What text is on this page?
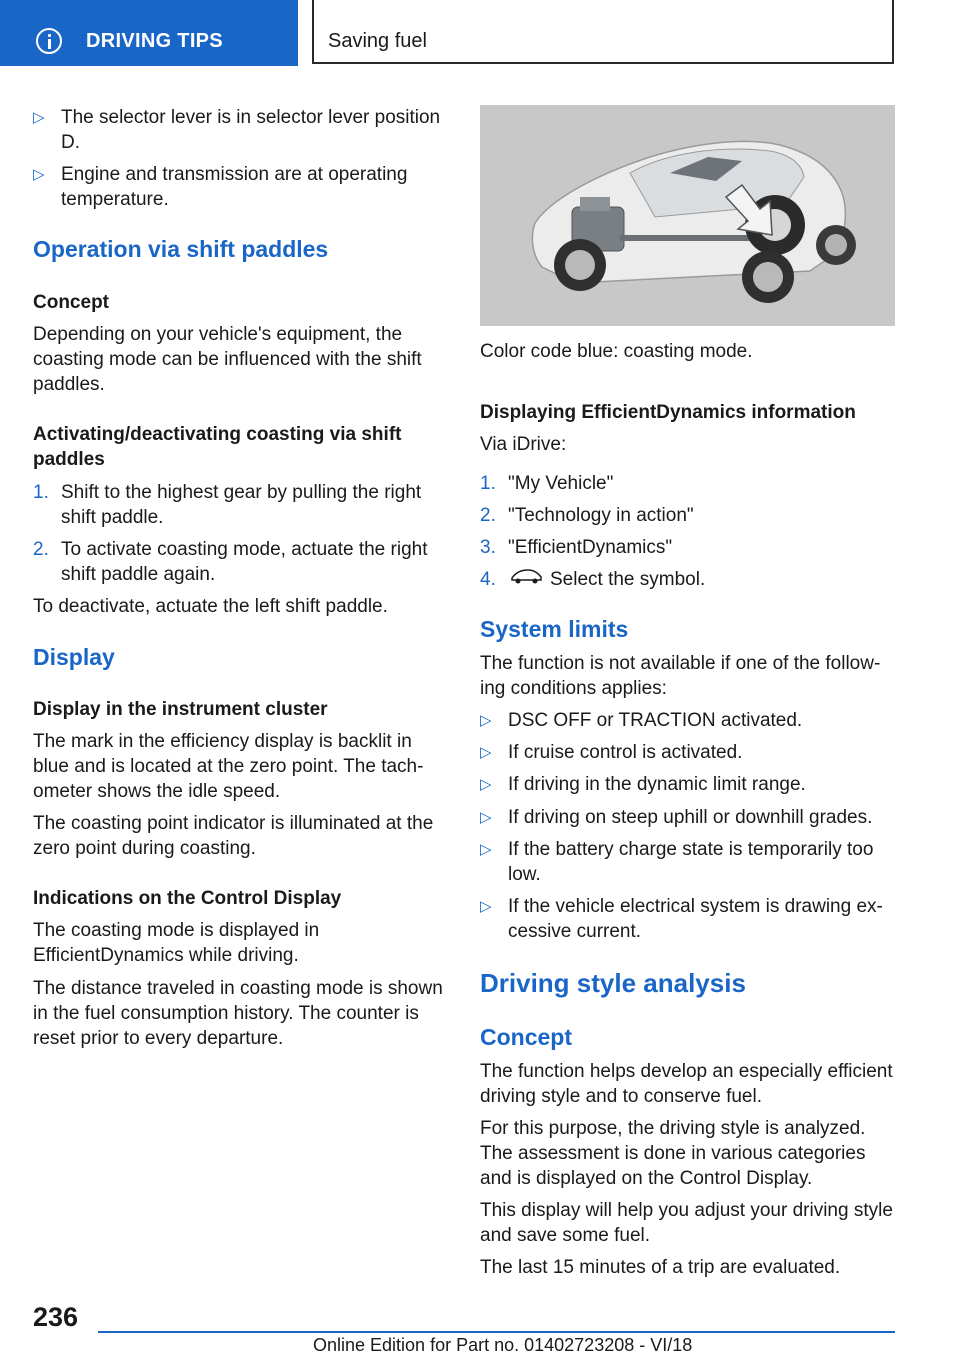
DRIVING TIPS	Saving fuel
▷ The selector lever is in selector lever position D.
▷ Engine and transmission are at operating temperature.
Operation via shift paddles

Concept

Depending on your vehicle's equipment, the coasting mode can be influenced with the shift paddles.

Activating/deactivating coasting via shift paddles

1. Shift to the highest gear by pulling the right shift paddle.
2. To activate coasting mode, actuate the right shift paddle again.

To deactivate, actuate the left shift paddle.

Display

Display in the instrument cluster

The mark in the efficiency display is backlit in blue and is located at the zero point. The tachometer shows the idle speed.

The coasting point indicator is illuminated at the zero point during coasting.

Indications on the Control Display

The coasting mode is displayed in EfficientDynamics while driving.

The distance traveled in coasting mode is shown in the fuel consumption history. The counter is reset prior to every departure.

Color code blue: coasting mode.

Displaying EfficientDynamics information

Via iDrive:

1. "My Vehicle"
2. "Technology in action"
3. "EfficientDynamics"
4.	Select the symbol.
System limits

The function is not available if one of the following conditions applies:

▷ DSC OFF or TRACTION activated.
▷ If cruise control is activated.
▷ If driving in the dynamic limit range.
▷ If driving on steep uphill or downhill grades.
▷ If the battery charge state is temporarily too low.
▷ If the vehicle electrical system is drawing excessive current.
Driving style analysis
Concept

The function helps develop an especially efficient driving style and to conserve fuel.

For this purpose, the driving style is analyzed. The assessment is done in various categories and is displayed on the Control Display.

This display will help you adjust your driving style and save some fuel.

The last 15 minutes of a trip are evaluated.

236
Online Edition for Part no. 01402723208 - VI/18
